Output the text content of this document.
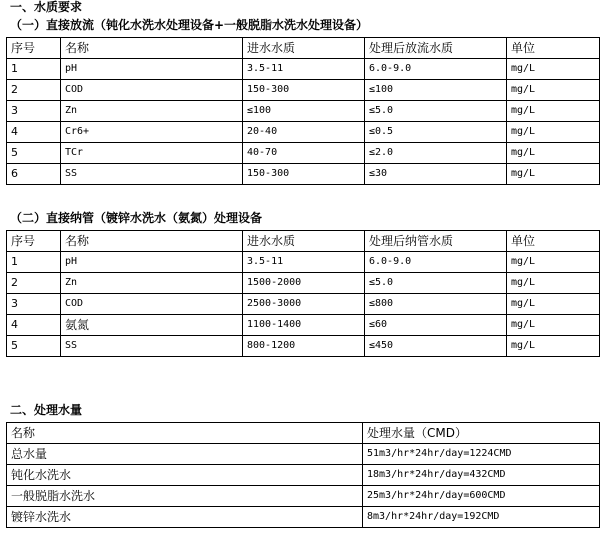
一、水质要求
（一）直接放流（钝化水洗水处理设备+一般脱脂水洗水处理设备）
序号	名称	进水水质	处理后放流水质	单位
1	pH	3.5-11	6.0-9.0	mg/L
2	COD	150-300	≤100	mg/L
3	Zn	≤100	≤5.0	mg/L
4	Cr6+	20-40	≤0.5	mg/L
5	TCr	40-70	≤2.0	mg/L
6	SS	150-300	≤30	mg/L
（二）直接纳管（镀锌水洗水（氨氮）处理设备
序号	名称	进水水质	处理后纳管水质	单位
1	pH	3.5-11	6.0-9.0	mg/L
2	Zn	1500-2000	≤5.0	mg/L
3	COD	2500-3000	≤800	mg/L
4	氨氮	1100-1400	≤60	mg/L
5	SS	800-1200	≤450	mg/L
二、处理水量
名称	处理水量（CMD）
总水量	51m3/hr*24hr/day=1224CMD
钝化水洗水	18m3/hr*24hr/day=432CMD
一般脱脂水洗水	25m3/hr*24hr/day=600CMD
镀锌水洗水	8m3/hr*24hr/day=192CMD
